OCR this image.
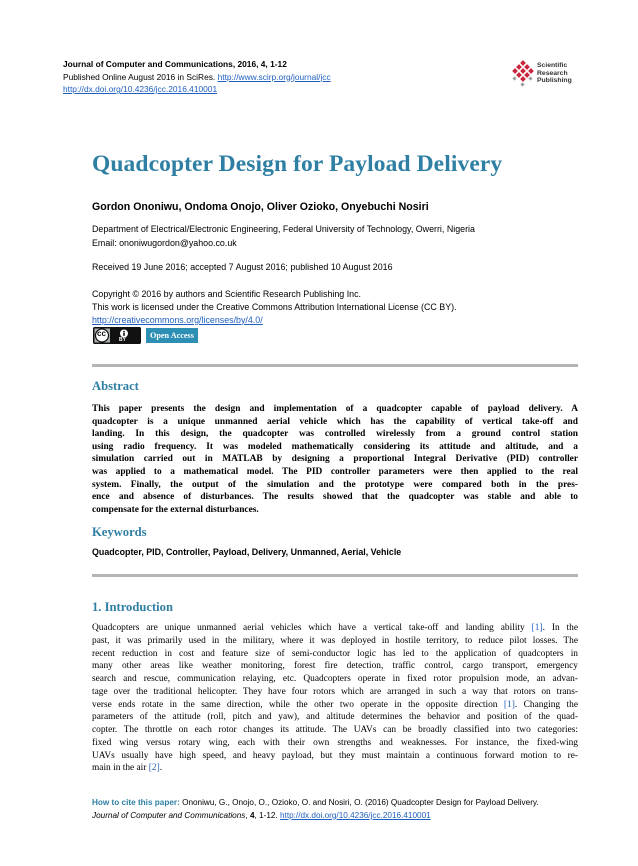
Journal of Computer and Communications, 2016, 4, 1-12
Published Online August 2016 in SciRes. http://www.scirp.org/journal/jcc
http://dx.doi.org/10.4236/jcc.2016.410001
Scientific
Research
Publishing
Quadcopter Design for Payload Delivery
Gordon Ononiwu, Ondoma Onojo, Oliver Ozioko, Onyebuchi Nosiri
Department of Electrical/Electronic Engineering, Federal University of Technology, Owerri, Nigeria
Email: ononiwugordon@yahoo.co.uk
Received 19 June 2016; accepted 7 August 2016; published 10 August 2016
Copyright © 2016 by authors and Scientific Research Publishing Inc.
This work is licensed under the Creative Commons Attribution International License (CC BY).
http://creativecommons.org/licenses/by/4.0/
cc
BY	Open Access
Abstract
This paper presents the design and implementation of a quadcopter capable of payload delivery. A
quadcopter is a unique unmanned aerial vehicle which has the capability of vertical take-off and
landing. In this design, the quadcopter was controlled wirelessly from a ground control station
using radio frequency. It was modeled mathematically considering its attitude and altitude, and a
simulation carried out in MATLAB by designing a proportional Integral Derivative (PID) controller
was applied to a mathematical model. The PID controller parameters were then applied to the real
system. Finally, the output of the simulation and the prototype were compared both in the pres-
ence and absence of disturbances. The results showed that the quadcopter was stable and able to
compensate for the external disturbances.
Keywords
Quadcopter, PID, Controller, Payload, Delivery, Unmanned, Aerial, Vehicle
1. Introduction
Quadcopters are unique unmanned aerial vehicles which have a vertical take-off and landing ability [1]. In the
past, it was primarily used in the military, where it was deployed in hostile territory, to reduce pilot losses. The
recent reduction in cost and feature size of semi-conductor logic has led to the application of quadcopters in
many other areas like weather monitoring, forest fire detection, traffic control, cargo transport, emergency
search and rescue, communication relaying, etc. Quadcopters operate in fixed rotor propulsion mode, an advan-
tage over the traditional helicopter. They have four rotors which are arranged in such a way that rotors on trans-
verse ends rotate in the same direction, while the other two operate in the opposite direction [1]. Changing the
parameters of the attitude (roll, pitch and yaw), and altitude determines the behavior and position of the quad-
copter. The throttle on each rotor changes its attitude. The UAVs can be broadly classified into two categories:
fixed wing versus rotary wing, each with their own strengths and weaknesses. For instance, the fixed-wing
UAVs usually have high speed, and heavy payload, but they must maintain a continuous forward motion to re-
main in the air [2].
How to cite this paper: Ononiwu, G., Onojo, O., Ozioko, O. and Nosiri, O. (2016) Quadcopter Design for Payload Delivery.
Journal of Computer and Communications, 4, 1-12. http://dx.doi.org/10.4236/jcc.2016.410001
